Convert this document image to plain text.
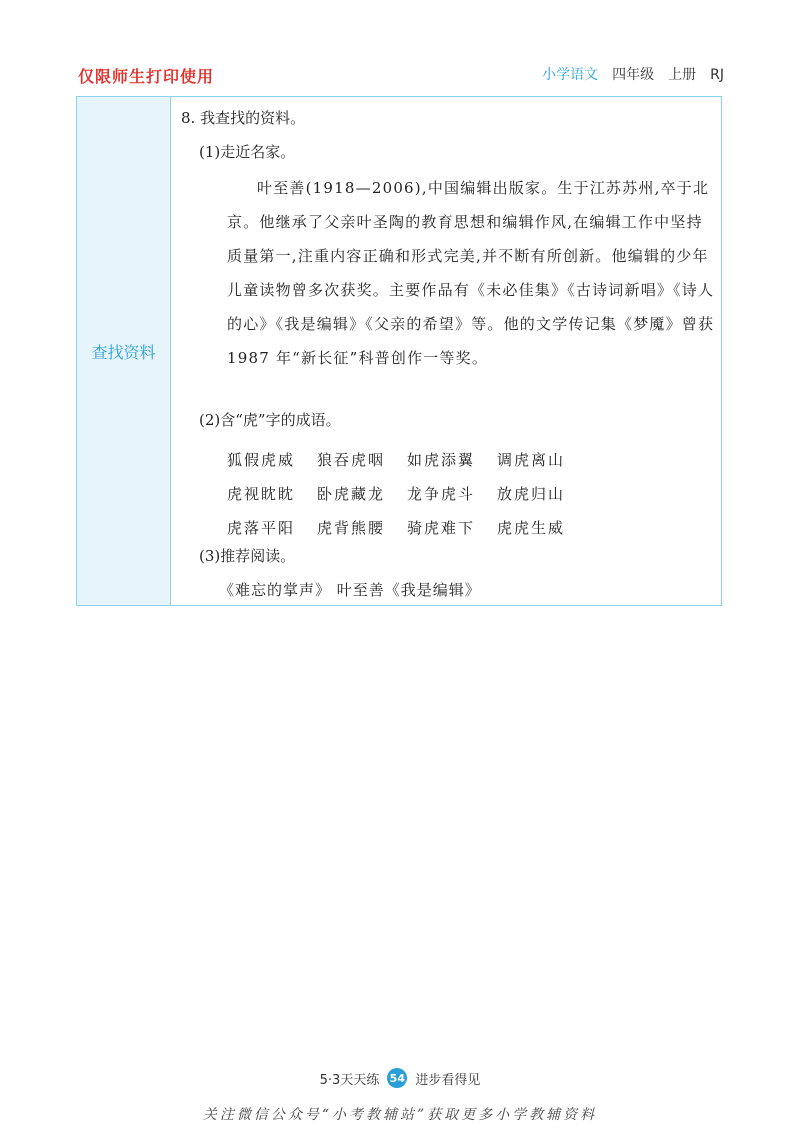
仅限师生打印使用	小学语文 四年级 上册 RJ
查找资料
8. 我查找的资料。
(1)走近名家。

叶至善(1918—2006),中国编辑出版家。生于江苏苏州,卒于北京。他继承了父亲叶圣陶的教育思想和编辑作风,在编辑工作中坚持质量第一,注重内容正确和形式完美,并不断有所创新。他编辑的少年儿童读物曾多次获奖。主要作品有《未必佳集》《古诗词新唱》《诗人的心》《我是编辑》《父亲的希望》等。他的文学传记集《梦魇》曾获 1987 年“新长征”科普创作一等奖。

(2)含“虎”字的成语。
狐假虎威 狼吞虎咽 如虎添翼 调虎离山
虎视眈眈 卧虎藏龙 龙争虎斗 放虎归山
虎落平阳 虎背熊腰 骑虎难下 虎虎生威
(3)推荐阅读。
《难忘的掌声》 叶至善《我是编辑》
5·3天天练 54 进步看得见
关注微信公众号“小考教辅站”获取更多小学教辅资料
